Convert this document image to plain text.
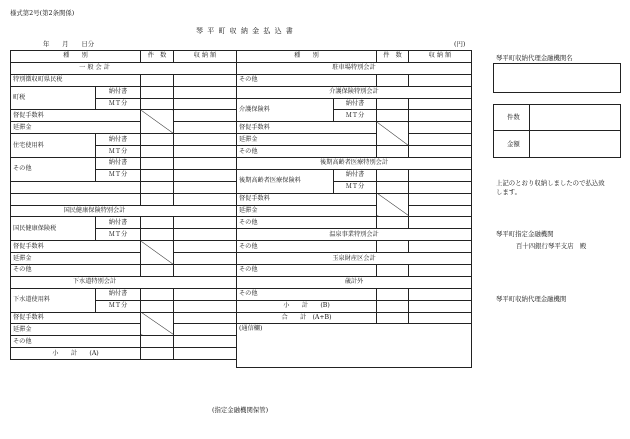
様式第2号(第2条関係)
琴 平 町 収 納 金 払 込 書
年　　月　　日分	(円)
種　　別		件　数	収 納 額
一 般 会 計			
特別徴収町県民税			
町税	納付書		
	ＭＴ分		
督促手数料			
延滞金			
住宅使用料	納付書		
	ＭＴ分		
その他	納付書		
	ＭＴ分		

国民健康保険特別会計			
国民健康保険税	納付書		
	ＭＴ分		
督促手数料			
延滞金			
その他			
下水道特別会計			
下水道使用料	納付書		
	ＭＴ分		
督促手数料			
延滞金			
その他			
小　　計　　(A)			
種　　別		件　数	収 納 額
駐車場特別会計			
その他			
介護保険特別会計			
介護保険料	納付書		
	ＭＴ分		
督促手数料			
延滞金			
その他			
後期高齢者医療特別会計			
後期高齢者医療保険料	納付書		
	ＭＴ分		
督促手数料			
延滞金			
その他			
温泉事業特別会計			
その他			
玉泉財産区会計			
その他			
歳計外			
その他			
小　　計　　(B)			
合　　計　(A+B)			
(通信欄)			

(指定金融機関保管)
琴平町収納代理金融機関名
件数
金額
上記のとおり収納しましたので払込致
します。
琴平町指定金融機関
百十四銀行琴平支店　殿
琴平町収納代理金融機関
